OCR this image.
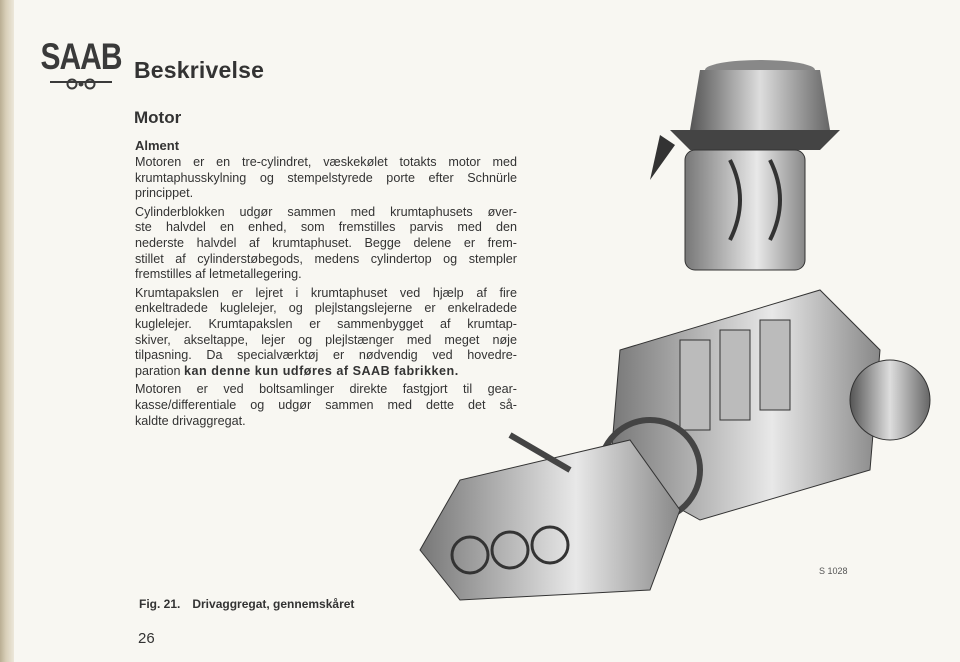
SAAB Beskrivelse
Motor
Alment
Motoren er en tre-cylindret, væskekølet totakts motor med
krumtaphusskylning og stempelstyrede porte efter Schnürle
princippet.
Cylinderblokken udgør sammen med krumtaphusets øver-
ste halvdel en enhed, som fremstilles parvis med den
nederste halvdel af krumtaphuset. Begge delene er frem-
stillet af cylinderstøbegods, medens cylindertop og stempler
fremstilles af letmetallegering.
Krumtapakslen er lejret i krumtaphuset ved hjælp af fire
enkeltradede kuglelejer, og plejlstangslejerne er enkelradede
kuglelejer. Krumtapakslen er sammenbygget af krumtap-
skiver, akseltappe, lejer og plejlstænger med meget nøje
tilpasning. Da specialværktøj er nødvendig ved hovedre-
paration kan denne kun udføres af SAAB fabrikken.
Motoren er ved boltsamlinger direkte fastgjort til gear-
kasse/differentiale og udgør sammen med dette det så-
kaldte drivaggregat.
S 1028
Fig. 21. Drivaggregat, gennemskåret
26
